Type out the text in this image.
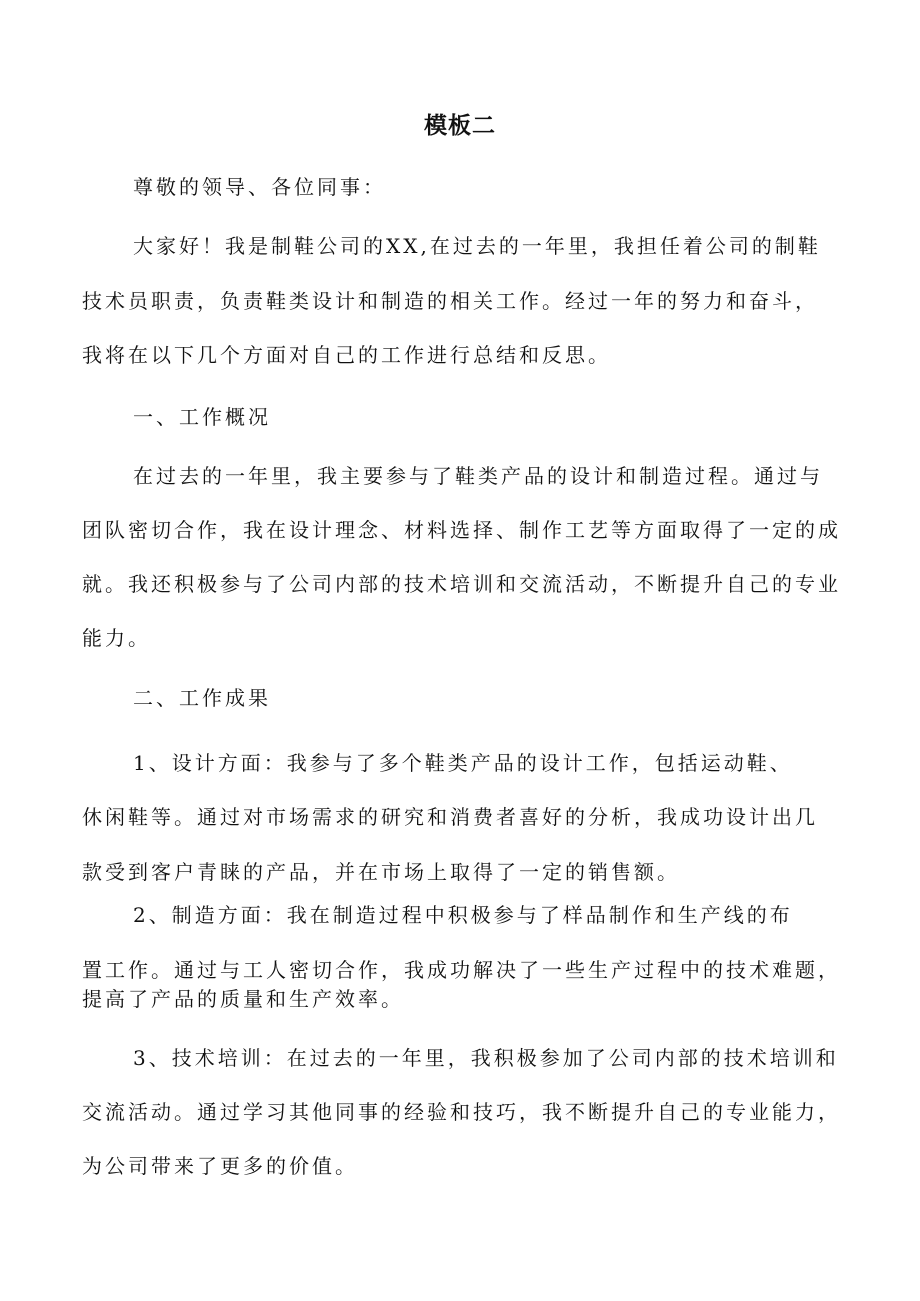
模板二
尊敬的领导、各位同事：
大家好！我是制鞋公司的XX,在过去的一年里，我担任着公司的制鞋
技术员职责，负责鞋类设计和制造的相关工作。经过一年的努力和奋斗，
我将在以下几个方面对自己的工作进行总结和反思。
一、工作概况
在过去的一年里，我主要参与了鞋类产品的设计和制造过程。通过与
团队密切合作，我在设计理念、材料选择、制作工艺等方面取得了一定的成
就。我还积极参与了公司内部的技术培训和交流活动，不断提升自己的专业
能力。
二、工作成果
1、设计方面：我参与了多个鞋类产品的设计工作，包括运动鞋、
休闲鞋等。通过对市场需求的研究和消费者喜好的分析，我成功设计出几
款受到客户青睐的产品，并在市场上取得了一定的销售额。
2、制造方面：我在制造过程中积极参与了样品制作和生产线的布
置工作。通过与工人密切合作，我成功解决了一些生产过程中的技术难题，
提高了产品的质量和生产效率。
3、技术培训：在过去的一年里，我积极参加了公司内部的技术培训和
交流活动。通过学习其他同事的经验和技巧，我不断提升自己的专业能力，
为公司带来了更多的价值。
